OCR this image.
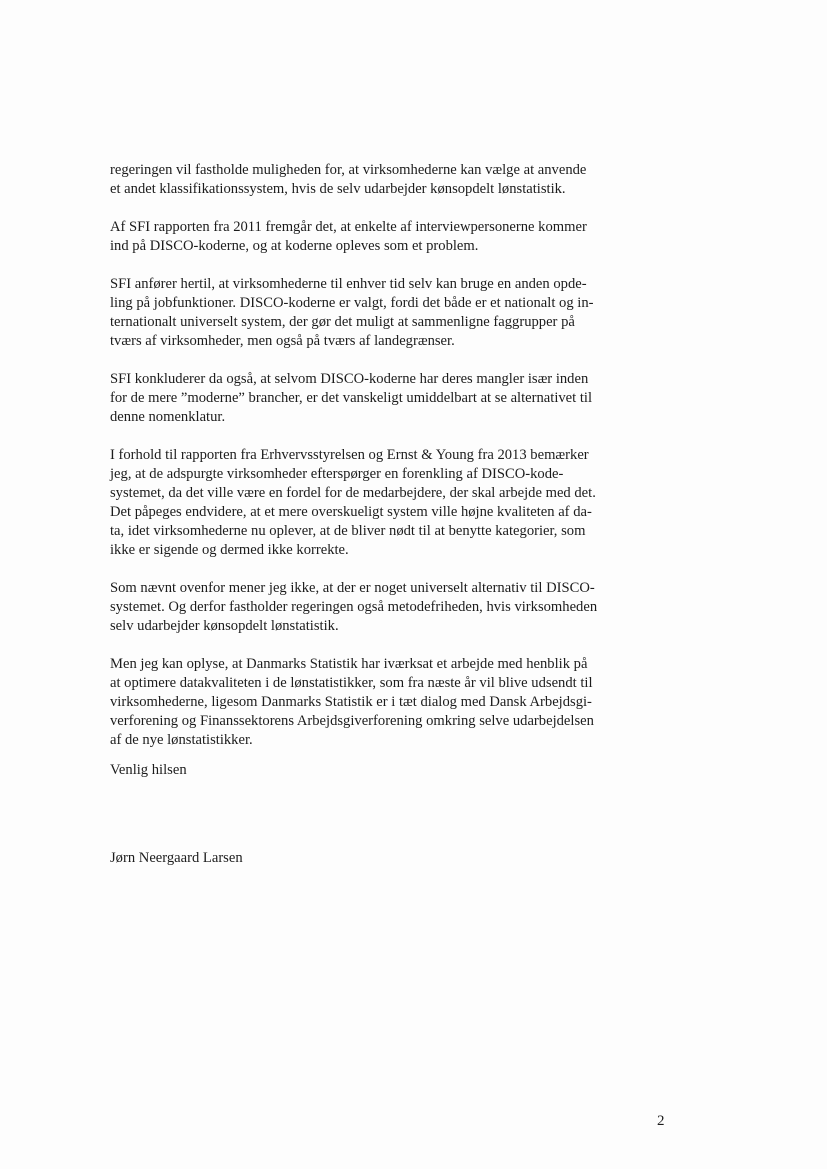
regeringen vil fastholde muligheden for, at virksomhederne kan vælge at anvende
et andet klassifikationssystem, hvis de selv udarbejder kønsopdelt lønstatistik.

Af SFI rapporten fra 2011 fremgår det, at enkelte af interviewpersonerne kommer
ind på DISCO-koderne, og at koderne opleves som et problem.

SFI anfører hertil, at virksomhederne til enhver tid selv kan bruge en anden opde-
ling på jobfunktioner. DISCO-koderne er valgt, fordi det både er et nationalt og in-
ternationalt universelt system, der gør det muligt at sammenligne faggrupper på
tværs af virksomheder, men også på tværs af landegrænser.

SFI konkluderer da også, at selvom DISCO-koderne har deres mangler især inden
for de mere ”moderne” brancher, er det vanskeligt umiddelbart at se alternativet til
denne nomenklatur.

I forhold til rapporten fra Erhvervsstyrelsen og Ernst & Young fra 2013 bemærker
jeg, at de adspurgte virksomheder efterspørger en forenkling af DISCO-kode-
systemet, da det ville være en fordel for de medarbejdere, der skal arbejde med det.
Det påpeges endvidere, at et mere overskueligt system ville højne kvaliteten af da-
ta, idet virksomhederne nu oplever, at de bliver nødt til at benytte kategorier, som
ikke er sigende og dermed ikke korrekte.

Som nævnt ovenfor mener jeg ikke, at der er noget universelt alternativ til DISCO-
systemet. Og derfor fastholder regeringen også metodefriheden, hvis virksomheden
selv udarbejder kønsopdelt lønstatistik.

Men jeg kan oplyse, at Danmarks Statistik har iværksat et arbejde med henblik på
at optimere datakvaliteten i de lønstatistikker, som fra næste år vil blive udsendt til
virksomhederne, ligesom Danmarks Statistik er i tæt dialog med Dansk Arbejdsgi-
verforening og Finanssektorens Arbejdsgiverforening omkring selve udarbejdelsen
af de nye lønstatistikker.

Venlig hilsen
Jørn Neergaard Larsen
2
